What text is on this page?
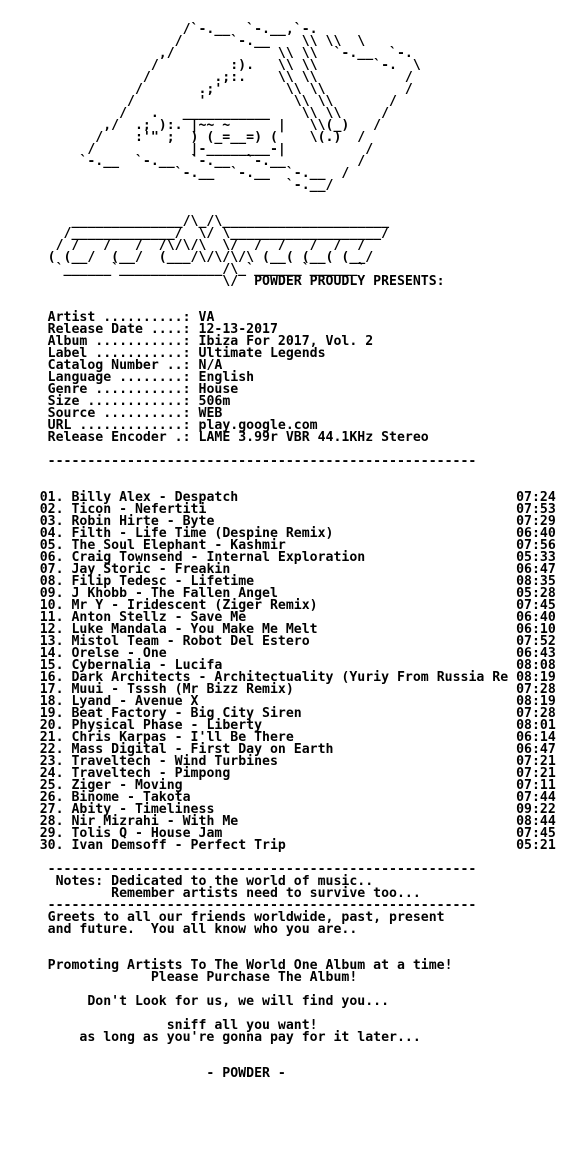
/`-.__  `-.__,`-.
/      `-.__    \\ \\  \
,/             \\ \\  `-.__  `-.
/         :).   \\ \\       `-.  \
/        .;:.    \\ \\           /
/       .;'        \\ \\          /
/        '           \\ \\       /
/   .   ___________    \\ \\     /
,/  .; ):. |~~ ~      |   \\(_)   /
/    :'" ;  ) (_=__=) (    \(.)  /
/            |-________-|          /
`-.__  `-.__  `-.__  `-.__         /
`-.__  `-.__  `-.__  /
`-.__/
______________/\_/\_____________________
/_____________/  \/ \___________________/
/ /   /   /  /\/\/\  \/  /  /   /  /  /
( (__/  (__/  (___/\/\/\/\ (__( (__( (__/
`______`_____________/\_`______`______`
\/  POWDER PROUDLY PRESENTS:
Artist ..........: VA
Release Date ....: 12-13-2017
Album ...........: Ibiza For 2017, Vol. 2
Label ...........: Ultimate Legends
Catalog Number ..: N/A
Language ........: English
Genre ...........: House
Size ............: 506m
Source ..........: WEB
URL .............: play.google.com
Release Encoder .: LAME 3.99r VBR 44.1KHz Stereo
------------------------------------------------------
01. Billy Alex - Despatch                                   07:24
02. Ticon - Nefertiti                                       07:53
03. Robin Hirte - Byte                                      07:29
04. Filth - Life Time (Despine Remix)                       06:40
05. The Soul Elephant - Kashmir                             07:56
06. Craig Townsend - Internal Exploration                   05:33
07. Jay Storic - Freakin                                    06:47
08. Filip Tedesc - Lifetime                                 08:35
09. J Khobb - The Fallen Angel                              05:28
10. Mr Y - Iridescent (Ziger Remix)                         07:45
11. Anton Stellz - Save Me                                  06:40
12. Luke Mandala - You Make Me Melt                         06:10
13. Mistol Team - Robot Del Estero                          07:52
14. Orelse - One                                            06:43
15. Cybernalia - Lucifa                                     08:08
16. Dark Architects - Architectuality (Yuriy From Russia Re 08:19
17. Muui - Tsssh (Mr Bizz Remix)                            07:28
18. Lyand - Avenue X                                        08:19
19. Beat Factory - Big City Siren                           07:28
20. Physical Phase - Liberty                                08:01
21. Chris Karpas - I'll Be There                            06:14
22. Mass Digital - First Day on Earth                       06:47
23. Traveltech - Wind Turbines                              07:21
24. Traveltech - Pimpong                                    07:21
25. Ziger - Moving                                          07:11
26. Binome - Takota                                         07:44
27. Abity - Timeliness                                      09:22
28. Nir Mizrahi - With Me                                   08:44
29. Tolis Q - House Jam                                     07:45
30. Ivan Demsoff - Perfect Trip                             05:21
------------------------------------------------------
Notes: Dedicated to the world of music..
Remember artists need to survive too...
------------------------------------------------------
Greets to all our friends worldwide, past, present
and future.  You all know who you are..
Promoting Artists To The World One Album at a time!
Please Purchase The Album!
Don't Look for us, we will find you...
sniff all you want!
as long as you're gonna pay for it later...
- POWDER -
